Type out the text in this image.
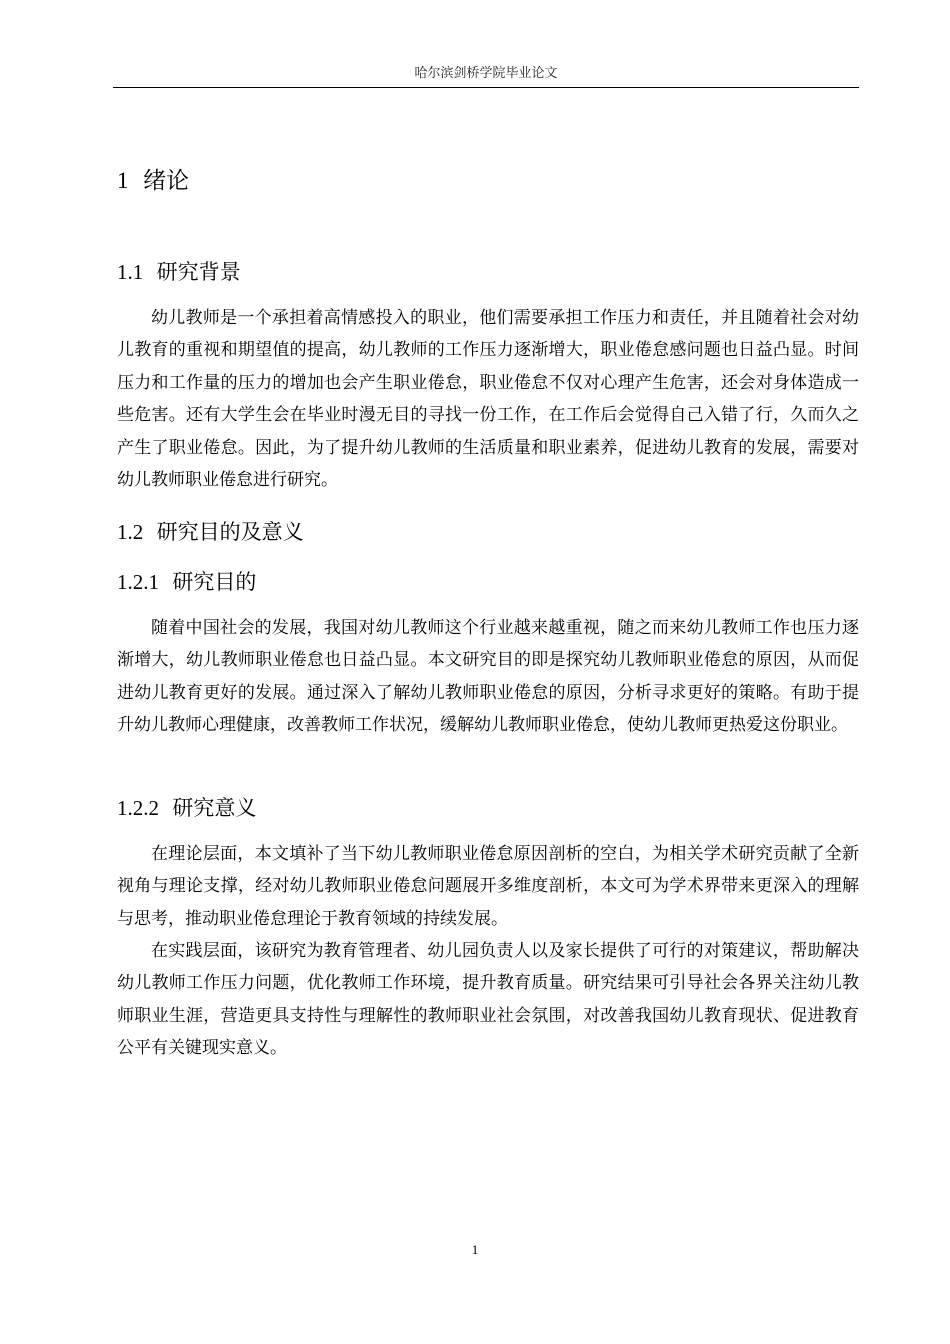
哈尔滨剑桥学院毕业论文
1 绪论
1.1 研究背景

幼儿教师是一个承担着高情感投入的职业，他们需要承担工作压力和责任，并且随着社会对幼儿教育的重视和期望值的提高，幼儿教师的工作压力逐渐增大，职业倦怠感问题也日益凸显。时间压力和工作量的压力的增加也会产生职业倦怠，职业倦怠不仅对心理产生危害，还会对身体造成一些危害。还有大学生会在毕业时漫无目的寻找一份工作，在工作后会觉得自己入错了行，久而久之产生了职业倦怠。因此，为了提升幼儿教师的生活质量和职业素养，促进幼儿教育的发展，需要对幼儿教师职业倦怠进行研究。

1.2 研究目的及意义
1.2.1 研究目的

随着中国社会的发展，我国对幼儿教师这个行业越来越重视，随之而来幼儿教师工作也压力逐渐增大，幼儿教师职业倦怠也日益凸显。本文研究目的即是探究幼儿教师职业倦怠的原因，从而促进幼儿教育更好的发展。通过深入了解幼儿教师职业倦怠的原因，分析寻求更好的策略。有助于提升幼儿教师心理健康，改善教师工作状况，缓解幼儿教师职业倦怠，使幼儿教师更热爱这份职业。

1.2.2 研究意义

在理论层面，本文填补了当下幼儿教师职业倦怠原因剖析的空白，为相关学术研究贡献了全新视角与理论支撑，经对幼儿教师职业倦怠问题展开多维度剖析，本文可为学术界带来更深入的理解与思考，推动职业倦怠理论于教育领域的持续发展。

在实践层面，该研究为教育管理者、幼儿园负责人以及家长提供了可行的对策建议，帮助解决幼儿教师工作压力问题，优化教师工作环境，提升教育质量。研究结果可引导社会各界关注幼儿教师职业生涯，营造更具支持性与理解性的教师职业社会氛围，对改善我国幼儿教育现状、促进教育公平有关键现实意义。

1
